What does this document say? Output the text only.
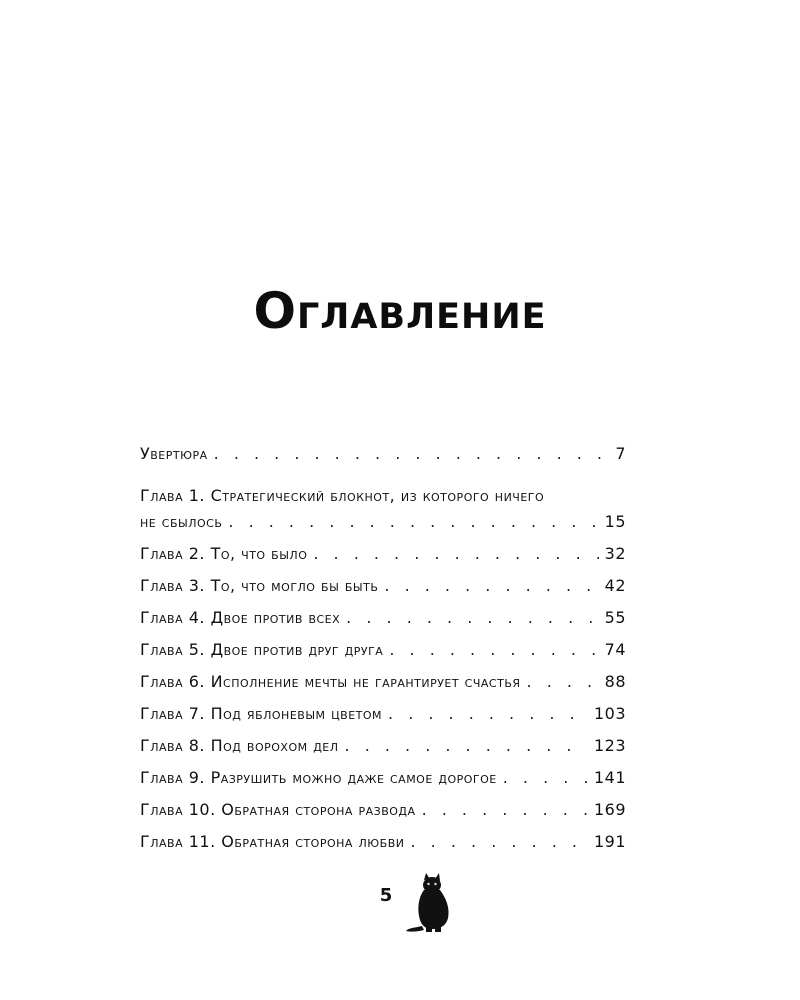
Оглавление
Увертюра . . .	7
Глава 1. Стратегический блокнот, из которого ничего
не сбылось . . .	15
Глава 2. То, что было . . .	32
Глава 3. То, что могло бы быть . . .	42
Глава 4. Двое против всех . . .	55
Глава 5. Двое против друг друга . . .	74
Глава 6. Исполнение мечты не гарантирует счастья . . .	88
Глава 7. Под яблоневым цветом . . .	103
Глава 8. Под ворохом дел . . .	123
Глава 9. Разрушить можно даже самое дорогое . . .	141
Глава 10. Обратная сторона развода . . .	169
Глава 11. Обратная сторона любви . . .	191
5
